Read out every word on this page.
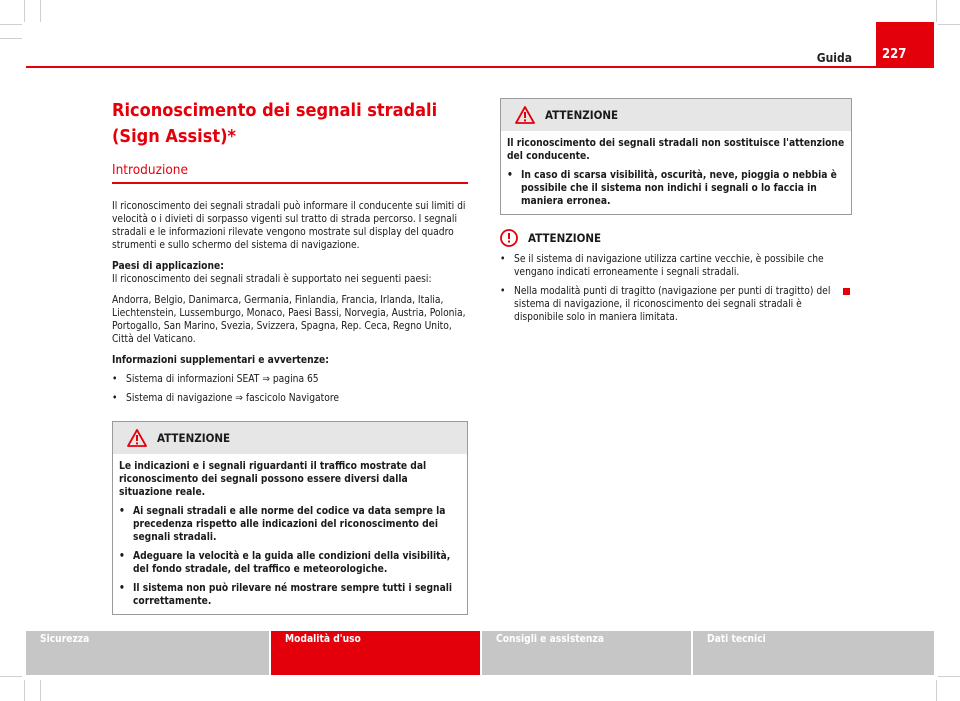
Guida	227
Riconoscimento dei segnali stradali
(Sign Assist)*
Introduzione

Il riconoscimento dei segnali stradali può informare il conducente sui limiti di velocità o i divieti di sorpasso vigenti sul tratto di strada percorso. I segnali stradali e le informazioni rilevate vengono mostrate sul display del quadro strumenti e sullo schermo del sistema di navigazione.

Paesi di applicazione:

Il riconoscimento dei segnali stradali è supportato nei seguenti paesi:

Andorra, Belgio, Danimarca, Germania, Finlandia, Francia, Irlanda, Italia, Liechtenstein, Lussemburgo, Monaco, Paesi Bassi, Norvegia, Austria, Polonia, Portogallo, San Marino, Svezia, Svizzera, Spagna, Rep. Ceca, Regno Unito, Città del Vaticano.

Informazioni supplementari e avvertenze:

• Sistema di informazioni SEAT ⇒ pagina 65
• Sistema di navigazione ⇒ fascicolo Navigatore
ATTENZIONE
Le indicazioni e i segnali riguardanti il traffico mostrate dal riconoscimento dei segnali possono essere diversi dalla situazione reale.
• Ai segnali stradali e alle norme del codice va data sempre la precedenza rispetto alle indicazioni del riconoscimento dei segnali stradali.
• Adeguare la velocità e la guida alle condizioni della visibilità, del fondo stradale, del traffico e meteorologiche.
• Il sistema non può rilevare né mostrare sempre tutti i segnali correttamente.
ATTENZIONE
Il riconoscimento dei segnali stradali non sostituisce l'attenzione del conducente.
• In caso di scarsa visibilità, oscurità, neve, pioggia o nebbia è possibile che il sistema non indichi i segnali o lo faccia in maniera erronea.
ATTENZIONE
• Se il sistema di navigazione utilizza cartine vecchie, è possibile che vengano indicati erroneamente i segnali stradali.
• Nella modalità punti di tragitto (navigazione per punti di tragitto) del sistema di navigazione, il riconoscimento dei segnali stradali è disponibile solo in maniera limitata.
Sicurezza	Modalità d'uso	Consigli e assistenza	Dati tecnici
